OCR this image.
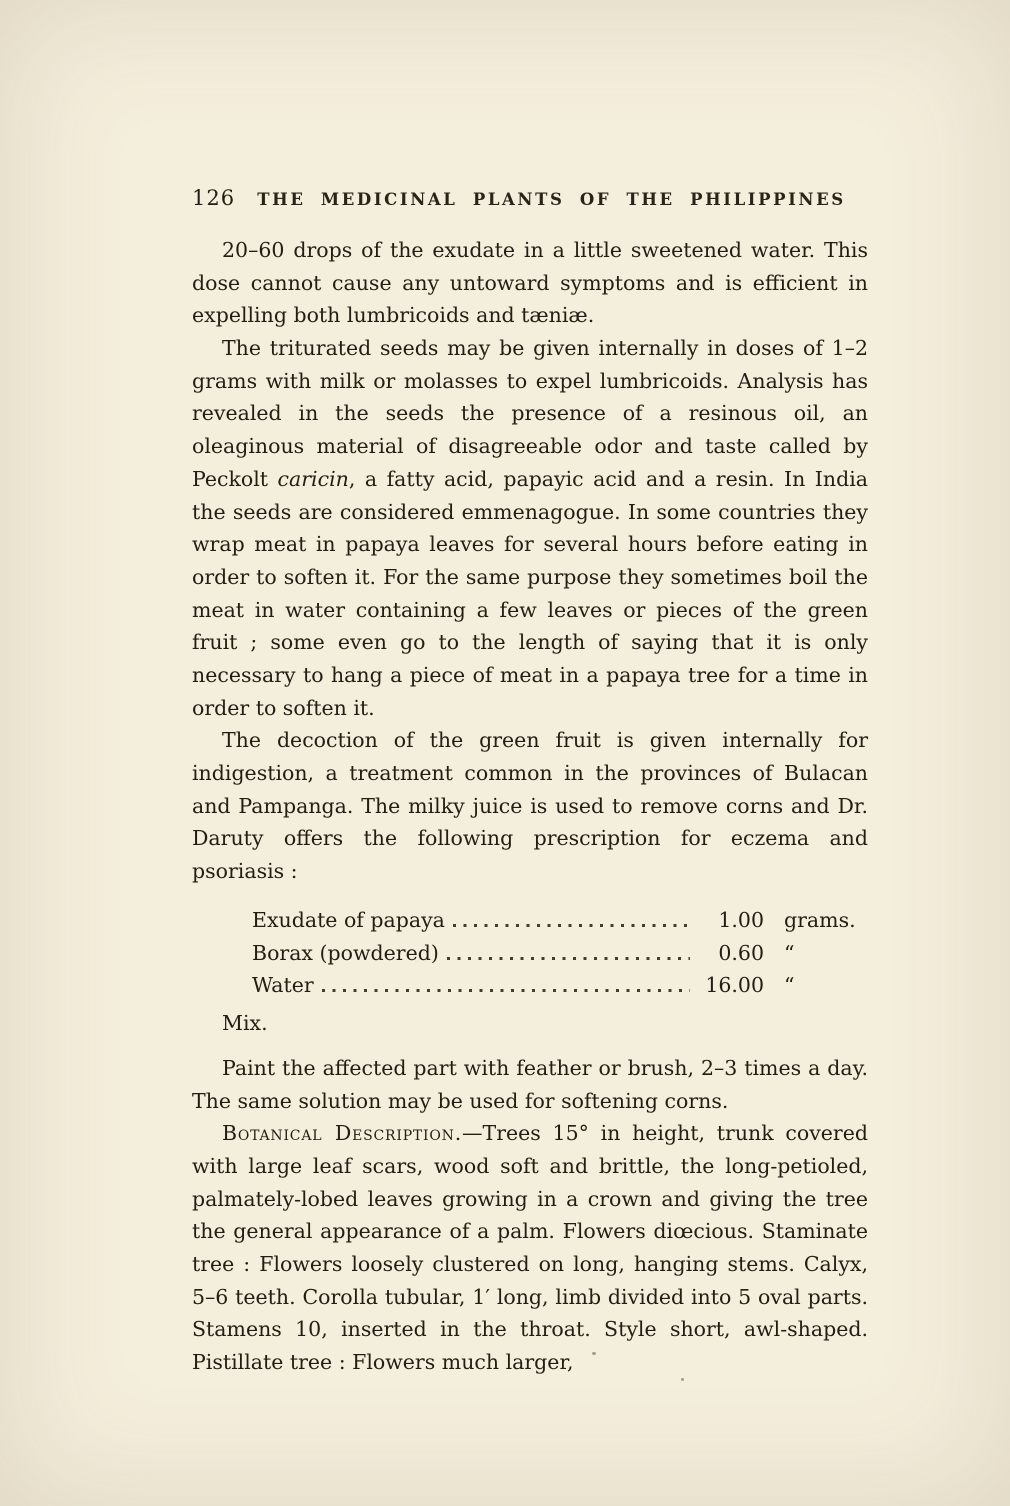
126	THE MEDICINAL PLANTS OF THE PHILIPPINES

20–60 drops of the exudate in a little sweetened water. This dose cannot cause any untoward symptoms and is efficient in expelling both lumbricoids and tæniæ.

The triturated seeds may be given internally in doses of 1–2 grams with milk or molasses to expel lumbricoids. Analysis has revealed in the seeds the presence of a resinous oil, an oleaginous material of disagreeable odor and taste called by Peckolt caricin, a fatty acid, papayic acid and a resin. In India the seeds are considered emmenagogue. In some countries they wrap meat in papaya leaves for several hours before eating in order to soften it. For the same purpose they sometimes boil the meat in water containing a few leaves or pieces of the green fruit ; some even go to the length of saying that it is only necessary to hang a piece of meat in a papaya tree for a time in order to soften it.

The decoction of the green fruit is given internally for indigestion, a treatment common in the provinces of Bulacan and Pampanga. The milky juice is used to remove corns and Dr. Daruty offers the following prescription for eczema and psoriasis :

Exudate of papaya	1.00 grams.
Borax (powdered)	0.60 “
Water	16.00 “
Mix.

Paint the affected part with feather or brush, 2–3 times a day. The same solution may be used for softening corns.

Botanical Description.—Trees 15° in height, trunk covered with large leaf scars, wood soft and brittle, the long-petioled, palmately-lobed leaves growing in a crown and giving the tree the general appearance of a palm. Flowers diœcious. Staminate tree : Flowers loosely clustered on long, hanging stems. Calyx, 5–6 teeth. Corolla tubular, 1′ long, limb divided into 5 oval parts. Stamens 10, inserted in the throat. Style short, awl-shaped. Pistillate tree : Flowers much larger,
